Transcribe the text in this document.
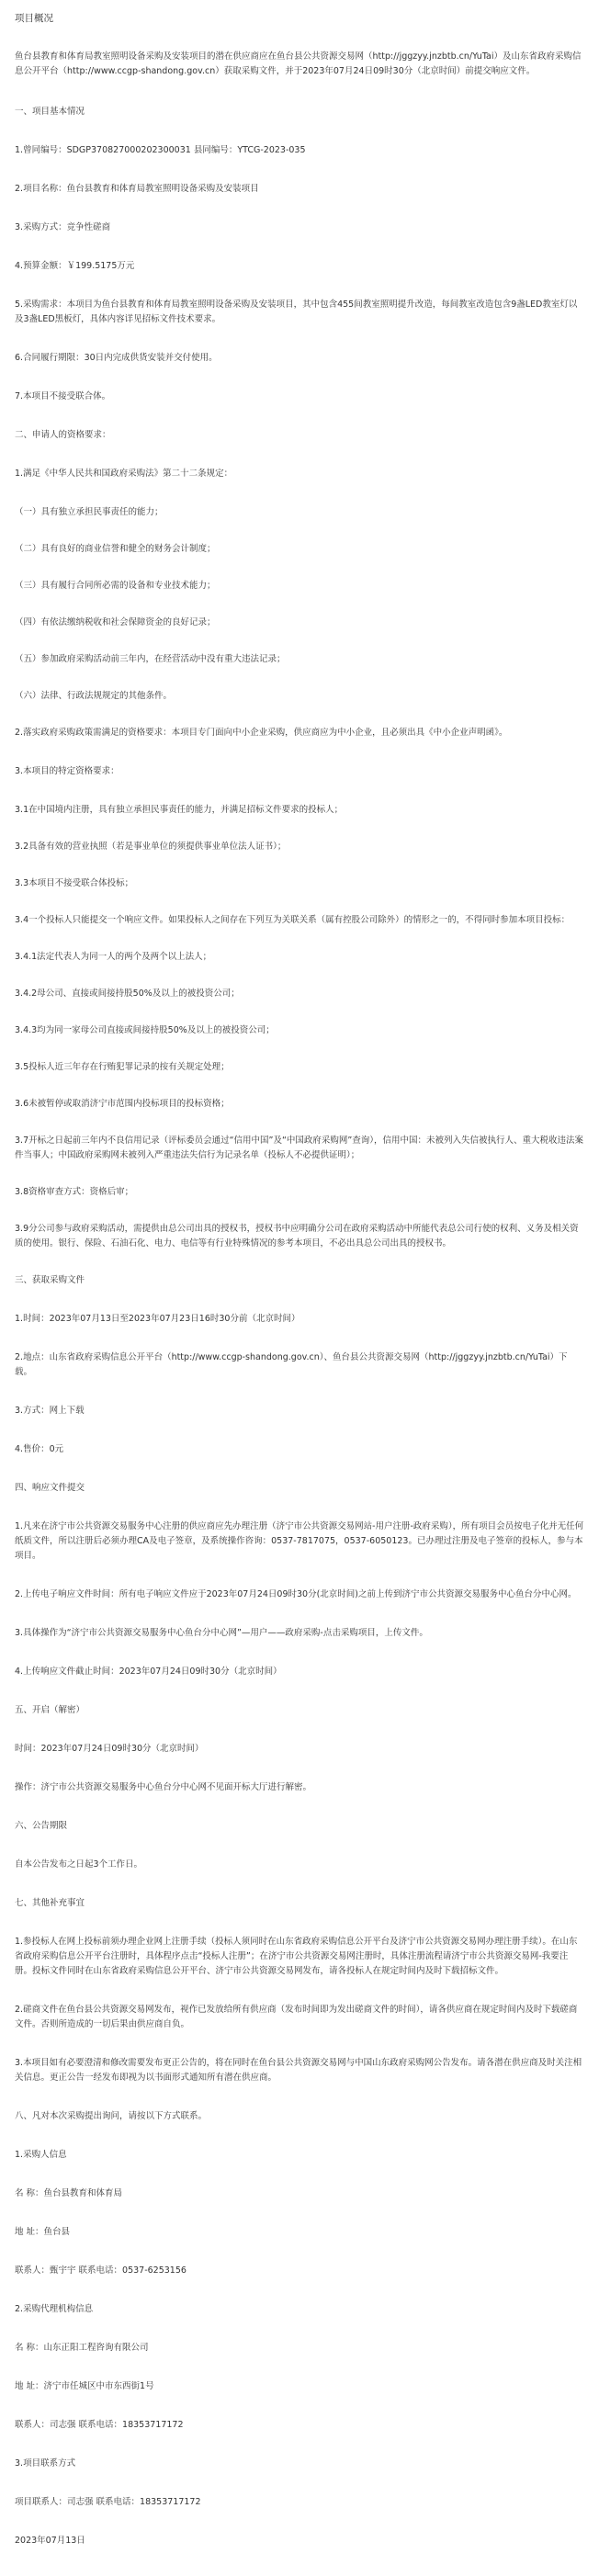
项目概况

鱼台县教育和体育局教室照明设备采购及安装项目的潜在供应商应在鱼台县公共资源交易网（http://jggzyy.jnzbtb.cn/YuTai）及山东省政府采购信息公开平台（http://www.ccgp-shandong.gov.cn）获取采购文件，并于2023年07月24日09时30分（北京时间）前提交响应文件。

一、项目基本情况

1.曾同编号：SDGP370827000202300031 县同编号：YTCG-2023-035

2.项目名称：鱼台县教育和体育局教室照明设备采购及安装项目

3.采购方式：竞争性磋商

4.预算金额：￥199.5175万元

5.采购需求：本项目为鱼台县教育和体育局教室照明设备采购及安装项目，其中包含455间教室照明提升改造，每间教室改造包含9盏LED教室灯以及3盏LED黑板灯，具体内容详见招标文件技术要求。

6.合同履行期限：30日内完成供货安装并交付使用。

7.本项目不接受联合体。

二、申请人的资格要求：

1.满足《中华人民共和国政府采购法》第二十二条规定：

（一）具有独立承担民事责任的能力；

（二）具有良好的商业信誉和健全的财务会计制度；

（三）具有履行合同所必需的设备和专业技术能力；

（四）有依法缴纳税收和社会保障资金的良好记录；

（五）参加政府采购活动前三年内，在经营活动中没有重大违法记录；

（六）法律、行政法规规定的其他条件。

2.落实政府采购政策需满足的资格要求：本项目专门面向中小企业采购，供应商应为中小企业，且必须出具《中小企业声明函》。

3.本项目的特定资格要求：

3.1在中国境内注册，具有独立承担民事责任的能力，并满足招标文件要求的投标人；

3.2具备有效的营业执照（若是事业单位的须提供事业单位法人证书）；

3.3本项目不接受联合体投标；

3.4一个投标人只能提交一个响应文件。如果投标人之间存在下列互为关联关系（属有控股公司除外）的情形之一的，不得同时参加本项目投标：

3.4.1法定代表人为同一人的两个及两个以上法人；

3.4.2母公司、直接或间接持股50%及以上的被投资公司；

3.4.3均为同一家母公司直接或间接持股50%及以上的被投资公司；

3.5投标人近三年存在行贿犯罪记录的按有关规定处理；

3.6未被暂停或取消济宁市范围内投标项目的投标资格；

3.7开标之日起前三年内不良信用记录（评标委员会通过“信用中国”及“中国政府采购网”查询），信用中国：未被列入失信被执行人、重大税收违法案件当事人；中国政府采购网未被列入严重违法失信行为记录名单（投标人不必提供证明）；

3.8资格审查方式：资格后审；

3.9分公司参与政府采购活动，需提供由总公司出具的授权书，授权书中应明确分公司在政府采购活动中所能代表总公司行使的权利、义务及相关资质的使用。银行、保险、石油石化、电力、电信等有行业特殊情况的参考本项目，不必出具总公司出具的授权书。

三、获取采购文件

1.时间：2023年07月13日至2023年07月23日16时30分前（北京时间）

2.地点：山东省政府采购信息公开平台（http://www.ccgp-shandong.gov.cn）、鱼台县公共资源交易网（http://jggzyy.jnzbtb.cn/YuTai）下载。

3.方式：网上下载

4.售价：0元

四、响应文件提交

1.凡来在济宁市公共资源交易服务中心注册的供应商应先办理注册（济宁市公共资源交易网站-用户注册-政府采购），所有项目会员按电子化并无任何纸质文件，所以注册后必须办理CA及电子签章，及系统操作咨询：0537-7817075，0537-6050123。已办理过注册及电子签章的投标人，参与本项目。

2.上传电子响应文件时间：所有电子响应文件应于2023年07月24日09时30分(北京时间)之前上传到济宁市公共资源交易服务中心鱼台分中心网。

3.具体操作为“济宁市公共资源交易服务中心鱼台分中心网”—用户——政府采购-点击采购项目，上传文件。

4.上传响应文件截止时间：2023年07月24日09时30分（北京时间）

五、开启（解密）

时间：2023年07月24日09时30分（北京时间）

操作：济宁市公共资源交易服务中心鱼台分中心网不见面开标大厅进行解密。

六、公告期限

自本公告发布之日起3个工作日。

七、其他补充事宜

1.参投标人在网上投标前须办理企业网上注册手续（投标人须同时在山东省政府采购信息公开平台及济宁市公共资源交易网办理注册手续）。在山东省政府采购信息公开平台注册时，具体程序点击“投标人注册”；在济宁市公共资源交易网注册时，具体注册流程请济宁市公共资源交易网-我要注册。投标文件同时在山东省政府采购信息公开平台、济宁市公共资源交易网发布，请各投标人在规定时间内及时下载招标文件。

2.磋商文件在鱼台县公共资源交易网发布，视作已发放给所有供应商（发布时间即为发出磋商文件的时间），请各供应商在规定时间内及时下载磋商文件。否则所造成的一切后果由供应商自负。

3.本项目如有必要澄清和修改需要发布更正公告的，将在同时在鱼台县公共资源交易网与中国山东政府采购网公告发布。请各潜在供应商及时关注相关信息。更正公告一经发布即视为以书面形式通知所有潜在供应商。

八、凡对本次采购提出询问，请按以下方式联系。

1.采购人信息

名 称：鱼台县教育和体育局

地 址：鱼台县

联系人：甄宇宇 联系电话：0537-6253156

2.采购代理机构信息

名 称：山东正阳工程咨询有限公司

地 址：济宁市任城区中市东西街1号

联系人：司志强 联系电话：18353717172

3.项目联系方式

项目联系人：司志强 联系电话：18353717172

2023年07月13日
